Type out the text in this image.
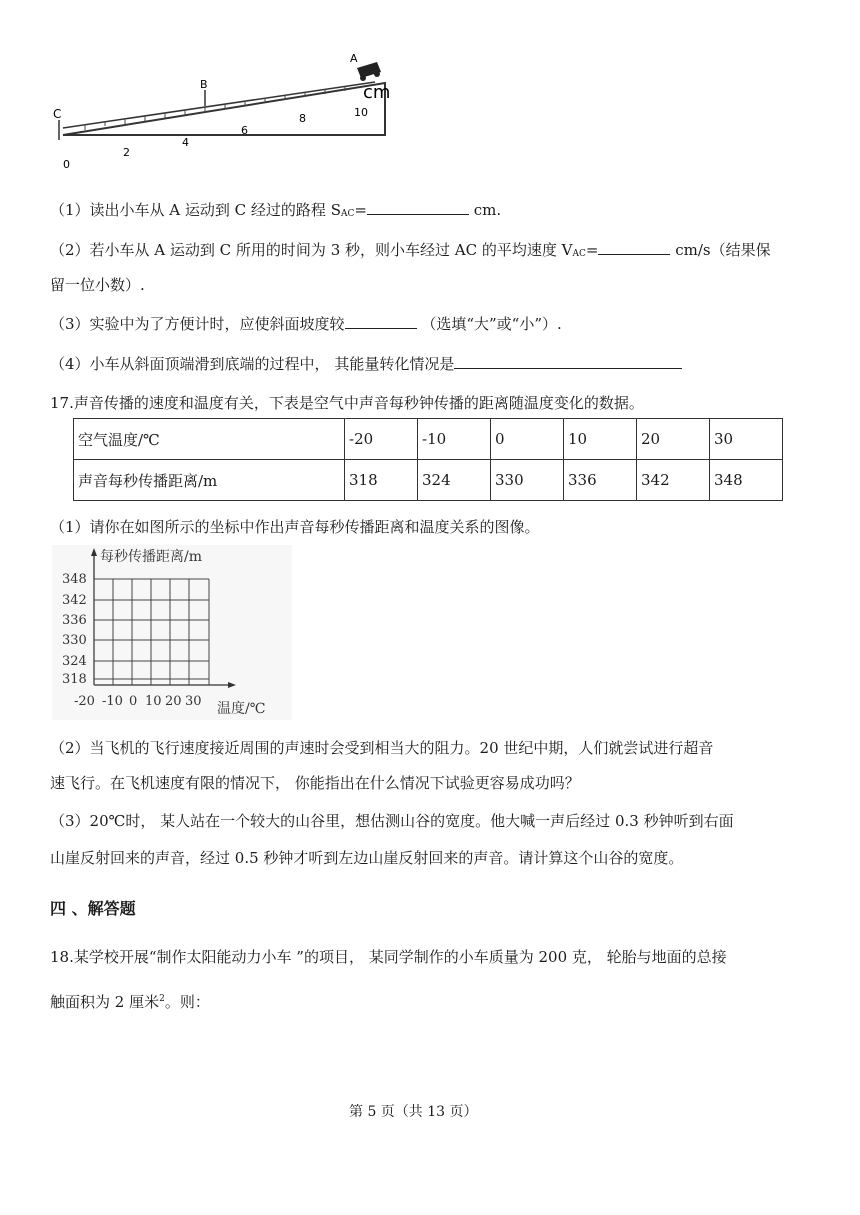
A
B
C
cm
0
2
4
6
8	10
（1）读出小车从 A 运动到 C 经过的路程 $S_{AC}=$	cm.
（2）若小车从 A 运动到 C 所用的时间为 3 秒，则小车经过 AC 的平均速度 $V_{AC}=$	cm/s（结果保
留一位小数）.
（3）实验中为了方便计时，应使斜面坡度较	（选填“大”或“小”）.
（4）小车从斜面顶端滑到底端的过程中， 其能量转化情况是
17.声音传播的速度和温度有关，下表是空气中声音每秒钟传播的距离随温度变化的数据。
空气温度/℃	-20	-10	0	10	20	30
声音每秒传播距离/m	318	324	330	336	342	348
（1）请你在如图所示的坐标中作出声音每秒传播距离和温度关系的图像。
每秒传播距离/m
348
342
336
330
324
318
-20 -10 0 10 20 30 温度/℃
（2）当飞机的飞行速度接近周围的声速时会受到相当大的阻力。20 世纪中期，人们就尝试进行超音
速飞行。在飞机速度有限的情况下， 你能指出在什么情况下试验更容易成功吗？
（3）20℃时， 某人站在一个较大的山谷里，想估测山谷的宽度。他大喊一声后经过 0.3 秒钟听到右面
山崖反射回来的声音，经过 0.5 秒钟才听到左边山崖反射回来的声音。请计算这个山谷的宽度。
四 、解答题
18.某学校开展“制作太阳能动力小车 ”的项目， 某同学制作的小车质量为 200 克， 轮胎与地面的总接
触面积为 2 厘米$^2$。则：
第 5 页（共 13 页）
